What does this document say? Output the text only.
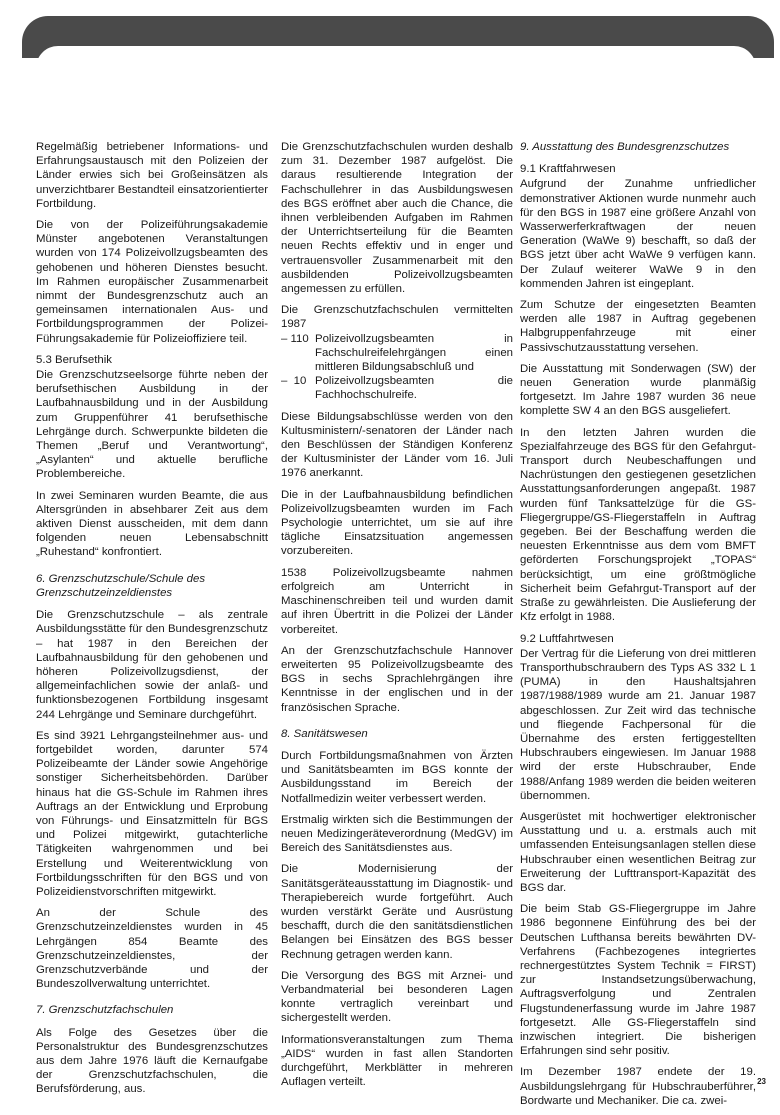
Regelmäßig betriebener Informations- und Erfahrungsaustausch mit den Polizeien der Länder erwies sich bei Großeinsätzen als unverzichtbarer Bestandteil einsatzorientierter Fortbildung.

Die von der Polizeiführungsakademie Münster angebotenen Veranstaltungen wurden von 174 Polizeivollzugsbeamten des gehobenen und höheren Dienstes besucht. Im Rahmen europäischer Zusammenarbeit nimmt der Bundesgrenzschutz auch an gemeinsamen internationalen Aus- und Fortbildungsprogrammen der Polizei-Führungsakademie für Polizeioffiziere teil.

5.3 Berufsethik

Die Grenzschutzseelsorge führte neben der berufsethischen Ausbildung in der Laufbahnausbildung und in der Ausbildung zum Gruppenführer 41 berufsethische Lehrgänge durch. Schwerpunkte bildeten die Themen „Beruf und Verantwortung“, „Asylanten“ und aktuelle berufliche Problembereiche.

In zwei Seminaren wurden Beamte, die aus Altersgründen in absehbarer Zeit aus dem aktiven Dienst ausscheiden, mit dem dann folgenden neuen Lebensabschnitt „Ruhestand“ konfrontiert.

6. Grenzschutzschule/Schule des Grenzschutzeinzeldienstes

Die Grenzschutzschule – als zentrale Ausbildungsstätte für den Bundesgrenzschutz – hat 1987 in den Bereichen der Laufbahnausbildung für den gehobenen und höheren Polizeivollzugsdienst, der allgemeinfachlichen sowie der anlaß- und funktionsbezogenen Fortbildung insgesamt 244 Lehrgänge und Seminare durchgeführt.

Es sind 3921 Lehrgangsteilnehmer aus- und fortgebildet worden, darunter 574 Polizeibeamte der Länder sowie Angehörige sonstiger Sicherheitsbehörden. Darüber hinaus hat die GS-Schule im Rahmen ihres Auftrags an der Entwicklung und Erprobung von Führungs- und Einsatzmitteln für BGS und Polizei mitgewirkt, gutachterliche Tätigkeiten wahrgenommen und bei Erstellung und Weiterentwicklung von Fortbildungsschriften für den BGS und von Polizeidienstvorschriften mitgewirkt.

An der Schule des Grenzschutzeinzeldienstes wurden in 45 Lehrgängen 854 Beamte des Grenzschutzeinzeldienstes, der Grenzschutzverbände und der Bundeszollverwaltung unterrichtet.

7. Grenzschutzfachschulen

Als Folge des Gesetzes über die Personalstruktur des Bundesgrenzschutzes aus dem Jahre 1976 läuft die Kernaufgabe der Grenzschutzfachschulen, die Berufsförderung, aus.

Die Grenzschutzfachschulen wurden deshalb zum 31. Dezember 1987 aufgelöst. Die daraus resultierende Integration der Fachschullehrer in das Ausbildungswesen des BGS eröffnet aber auch die Chance, die ihnen verbleibenden Aufgaben im Rahmen der Unterrichtserteilung für die Beamten neuen Rechts effektiv und in enger und vertrauensvoller Zusammenarbeit mit den ausbildenden Polizeivollzugsbeamten angemessen zu erfüllen.

Die Grenzschutzfachschulen vermittelten 1987

– 110 Polizeivollzugsbeamten in Fachschulreifelehrgängen einen mittleren Bildungsabschluß und
–  10 Polizeivollzugsbeamten die Fachhochschulreife.

Diese Bildungsabschlüsse werden von den Kultusministern/-senatoren der Länder nach den Beschlüssen der Ständigen Konferenz der Kultusminister der Länder vom 16. Juli 1976 anerkannt.

Die in der Laufbahnausbildung befindlichen Polizeivollzugsbeamten wurden im Fach Psychologie unterrichtet, um sie auf ihre tägliche Einsatzsituation angemessen vorzubereiten.

1538 Polizeivollzugsbeamte nahmen erfolgreich am Unterricht in Maschinenschreiben teil und wurden damit auf ihren Übertritt in die Polizei der Länder vorbereitet.

An der Grenzschutzfachschule Hannover erweiterten 95 Polizeivollzugsbeamte des BGS in sechs Sprachlehrgängen ihre Kenntnisse in der englischen und in der französischen Sprache.

8. Sanitätswesen

Durch Fortbildungsmaßnahmen von Ärzten und Sanitätsbeamten im BGS konnte der Ausbildungsstand im Bereich der Notfallmedizin weiter verbessert werden.

Erstmalig wirkten sich die Bestimmungen der neuen Medizingeräteverordnung (MedGV) im Bereich des Sanitätsdienstes aus.

Die Modernisierung der Sanitätsgeräteausstattung im Diagnostik- und Therapiebereich wurde fortgeführt. Auch wurden verstärkt Geräte und Ausrüstung beschafft, durch die den sanitätsdienstlichen Belangen bei Einsätzen des BGS besser Rechnung getragen werden kann.

Die Versorgung des BGS mit Arznei- und Verbandmaterial bei besonderen Lagen konnte vertraglich vereinbart und sichergestellt werden.

Informationsveranstaltungen zum Thema „AIDS“ wurden in fast allen Standorten durchgeführt, Merkblätter in mehreren Auflagen verteilt.

9. Ausstattung des Bundesgrenzschutzes
9.1 Kraftfahrwesen

Aufgrund der Zunahme unfriedlicher demonstrativer Aktionen wurde nunmehr auch für den BGS in 1987 eine größere Anzahl von Wasserwerferkraftwagen der neuen Generation (WaWe 9) beschafft, so daß der BGS jetzt über acht WaWe 9 verfügen kann. Der Zulauf weiterer WaWe 9 in den kommenden Jahren ist eingeplant.

Zum Schutze der eingesetzten Beamten werden alle 1987 in Auftrag gegebenen Halbgruppenfahrzeuge mit einer Passivschutzausstattung versehen.

Die Ausstattung mit Sonderwagen (SW) der neuen Generation wurde planmäßig fortgesetzt. Im Jahre 1987 wurden 36 neue komplette SW 4 an den BGS ausgeliefert.

In den letzten Jahren wurden die Spezialfahrzeuge des BGS für den Gefahrgut-Transport durch Neubeschaffungen und Nachrüstungen den gestiegenen gesetzlichen Ausstattungsanforderungen angepaßt. 1987 wurden fünf Tanksattelzüge für die GS-Fliegergruppe/GS-Fliegerstaffeln in Auftrag gegeben. Bei der Beschaffung werden die neuesten Erkenntnisse aus dem vom BMFT geförderten Forschungsprojekt „TOPAS“ berücksichtigt, um eine größtmögliche Sicherheit beim Gefahrgut-Transport auf der Straße zu gewährleisten. Die Auslieferung der Kfz erfolgt in 1988.

9.2 Luftfahrtwesen

Der Vertrag für die Lieferung von drei mittleren Transporthubschraubern des Typs AS 332 L 1 (PUMA) in den Haushaltsjahren 1987/1988/1989 wurde am 21. Januar 1987 abgeschlossen. Zur Zeit wird das technische und fliegende Fachpersonal für die Übernahme des ersten fertiggestellten Hubschraubers eingewiesen. Im Januar 1988 wird der erste Hubschrauber, Ende 1988/Anfang 1989 werden die beiden weiteren übernommen.

Ausgerüstet mit hochwertiger elektronischer Ausstattung und u. a. erstmals auch mit umfassenden Enteisungsanlagen stellen diese Hubschrauber einen wesentlichen Beitrag zur Erweiterung der Lufttransport-Kapazität des BGS dar.

Die beim Stab GS-Fliegergruppe im Jahre 1986 begonnene Einführung des bei der Deutschen Lufthansa bereits bewährten DV-Verfahrens (Fachbezogenes integriertes rechnergestütztes System Technik = FIRST) zur Instandsetzungsüberwachung, Auftragsverfolgung und Zentralen Flugstundenerfassung wurde im Jahre 1987 fortgesetzt. Alle GS-Fliegerstaffeln sind inzwischen integriert. Die bisherigen Erfahrungen sind sehr positiv.

Im Dezember 1987 endete der 19. Ausbildungslehrgang für Hubschrauberführer, Bordwarte und Mechaniker. Die ca. zwei-

23
